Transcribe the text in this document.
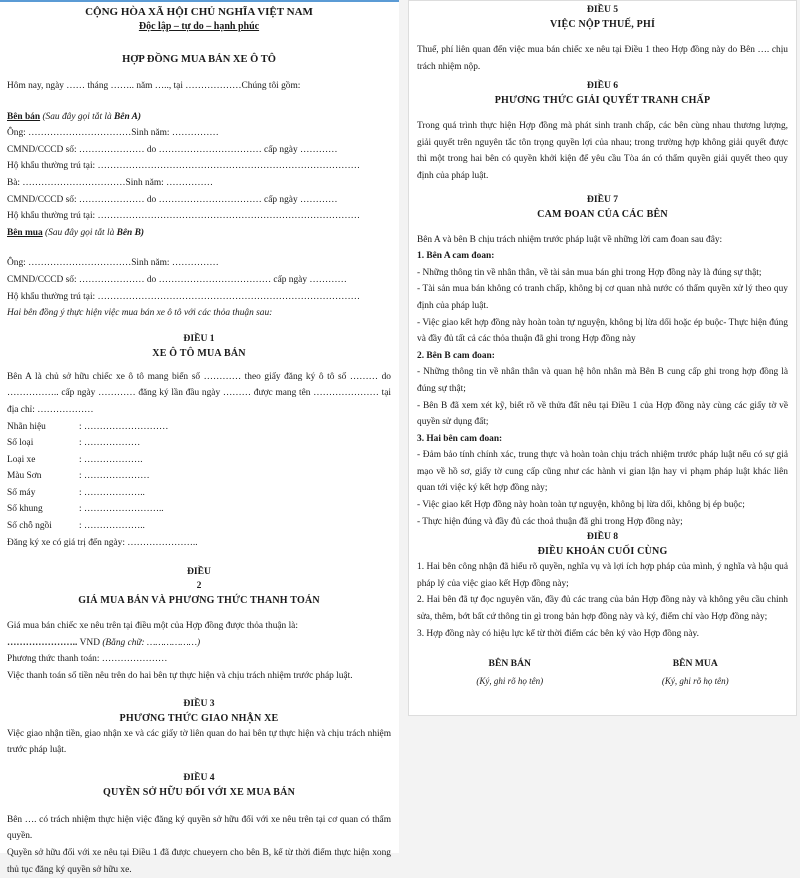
CỘNG HÒA XÃ HỘI CHỦ NGHĨA VIỆT NAM

Độc lập – tự do – hạnh phúc

HỢP ĐỒNG MUA BÁN XE Ô TÔ

Hôm nay, ngày …… tháng …….. năm ….., tại ………………Chúng tôi gồm:

Bên bán (Sau đây gọi tắt là Bên A)

Ông: ……………………………Sinh năm: ……………

CMND/CCCD số: ………………… do …………………………… cấp ngày …………

Hộ khẩu thường trú tại: …………………………………………………………………………

Bà: ……………………………Sinh năm: ……………

CMND/CCCD số: ………………… do …………………………… cấp ngày …………

Hộ khẩu thường trú tại: …………………………………………………………………………

Bên mua (Sau đây gọi tắt là Bên B)

Ông: ……………………………Sinh năm: ……………

CMND/CCCD số: ………………… do ……………………………… cấp ngày …………

Hộ khẩu thường trú tại: …………………………………………………………………………

Hai bên đồng ý thực hiện việc mua bán xe ô tô với các thỏa thuận sau:

ĐIỀU 1

XE Ô TÔ MUA BÁN

Bên A là chủ sở hữu chiếc xe ô tô mang biển số ………… theo giấy đăng ký ô tô số ……… do …………….. cấp ngày ………… đăng ký lần đầu ngày ……… được mang tên ………………… tại địa chỉ: ………………

Nhãn hiệu	: ………………………
Số loại	: ………………
Loại xe	: ……………….
Màu Sơn	: …………………
Số máy	: ………………..
Số khung	: ……………………..
Số chỗ ngồi	: ………………..

Đăng ký xe có giá trị đến ngày: …………………..

ĐIỀU

2

GIÁ MUA BÁN VÀ PHƯƠNG THỨC THANH TOÁN

Giá mua bán chiếc xe nêu trên tại điều một của Hợp đồng được thỏa thuận là:

………………….. VND (Bằng chữ: ………………)

Phương thức thanh toán: …………………

Việc thanh toán số tiền nêu trên do hai bên tự thực hiện và chịu trách nhiệm trước pháp luật.

ĐIỀU 3

PHƯƠNG THỨC GIAO NHẬN XE

Việc giao nhận tiền, giao nhận xe và các giấy tờ liên quan do hai bên tự thực hiện và chịu trách nhiệm trước pháp luật.

ĐIỀU 4

QUYỀN SỞ HỮU ĐỐI VỚI XE MUA BÁN

Bên …. có trách nhiệm thực hiện việc đăng ký quyền sở hữu đối với xe nêu trên tại cơ quan có thẩm quyền.

Quyền sở hữu đối với xe nêu tại Điều 1 đã được chueyern cho bên B, kể từ thời điểm thực hiện xong thủ tục đăng ký quyền sở hữu xe.

ĐIỀU 5

VIỆC NỘP THUẾ, PHÍ

Thuế, phí liên quan đến việc mua bán chiếc xe nêu tại Điều 1 theo Hợp đồng này do Bên …. chịu trách nhiệm nộp.

ĐIỀU 6

PHƯƠNG THỨC GIẢI QUYẾT TRANH CHẤP

Trong quá trình thực hiện Hợp đồng mà phát sinh tranh chấp, các bên cùng nhau thương lượng, giải quyết trên nguyên tắc tôn trọng quyền lợi của nhau; trong trường hợp không giải quyết được thì một trong hai bên có quyền khởi kiện để yêu cầu Tòa án có thẩm quyền giải quyết theo quy định của pháp luật.

ĐIỀU 7

CAM ĐOAN CỦA CÁC BÊN

Bên A và bên B chịu trách nhiệm trước pháp luật về những lời cam đoan sau đây:

1. Bên A cam đoan:

- Những thông tin về nhân thân, về tài sản mua bán ghi trong Hợp đồng này là đúng sự thật;

- Tài sản mua bán không có tranh chấp, không bị cơ quan nhà nước có thẩm quyền xử lý theo quy định của pháp luật.

- Việc giao kết hợp đồng này hoàn toàn tự nguyện, không bị lừa dối hoặc ép buộc- Thực hiện đúng và đầy đủ tất cả các thỏa thuận đã ghi trong Hợp đồng này

2. Bên B cam đoan:

- Những thông tin về nhân thân và quan hệ hôn nhân mà Bên B cung cấp ghi trong hợp đồng là đúng sự thật;

- Bên B đã xem xét kỹ, biết rõ về thửa đất nêu tại Điều 1 của Hợp đồng này cùng các giấy tờ về quyền sử dụng đất;

3. Hai bên cam đoan:

- Đảm bảo tính chính xác, trung thực và hoàn toàn chịu trách nhiệm trước pháp luật nếu có sự giả mạo về hồ sơ, giấy tờ cung cấp cũng như các hành vi gian lận hay vi phạm pháp luật khác liên quan tới việc ký kết hợp đồng này;

- Việc giao kết Hợp đồng này hoàn toàn tự nguyện, không bị lừa dối, không bị ép buộc;

- Thực hiện đúng và đầy đủ các thoả thuận đã ghi trong Hợp đồng này;

ĐIỀU 8

ĐIỀU KHOẢN CUỐI CÙNG

1. Hai bên công nhận đã hiểu rõ quyền, nghĩa vụ và lợi ích hợp pháp của mình, ý nghĩa và hậu quả pháp lý của việc giao kết Hợp đồng này;

2. Hai bên đã tự đọc nguyên văn, đầy đủ các trang của bản Hợp đồng này và không yêu cầu chỉnh sửa, thêm, bớt bất cứ thông tin gì trong bản hợp đồng này và ký, điểm chỉ vào Hợp đồng này;

3. Hợp đồng này có hiệu lực kể từ thời điểm các bên ký vào Hợp đồng này.

BÊN BÁN

(Ký, ghi rõ họ tên)

BÊN MUA

(Ký, ghi rõ họ tên)
